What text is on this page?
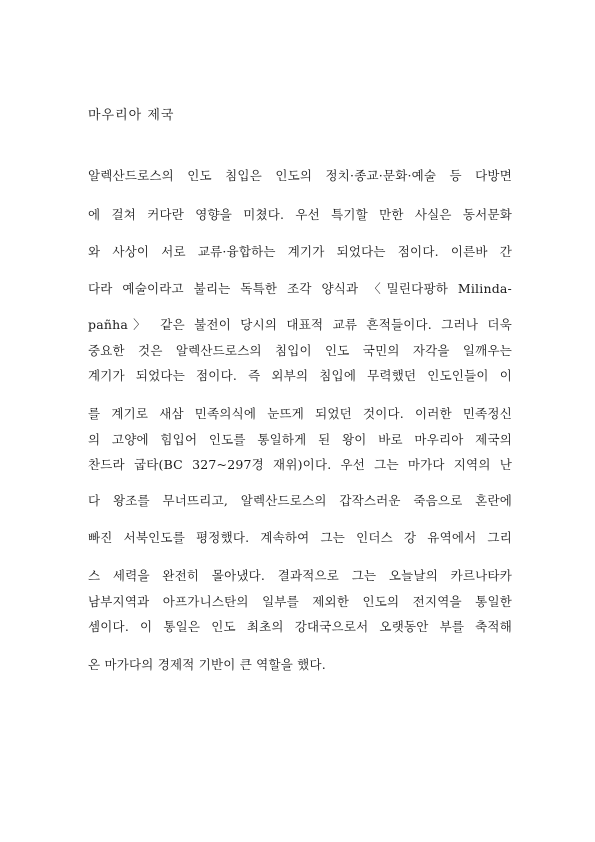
마우리아 제국
알렉산드로스의 인도 침입은 인도의 정치·종교·문화·예술 등 다방면
에 걸쳐 커다란 영향을 미쳤다. 우선 특기할 만한 사실은 동서문화
와 사상이 서로 교류·융합하는 계기가 되었다는 점이다. 이른바 간
다라 예술이라고 불리는 독특한 조각 양식과 〈밀린다팡하 Milinda-
pañha〉 같은 불전이 당시의 대표적 교류 흔적들이다. 그러나 더욱
중요한 것은 알렉산드로스의 침입이 인도 국민의 자각을 일깨우는
계기가 되었다는 점이다. 즉 외부의 침입에 무력했던 인도인들이 이
를 계기로 새삼 민족의식에 눈뜨게 되었던 것이다. 이러한 민족정신
의 고양에 힘입어 인도를 통일하게 된 왕이 바로 마우리아 제국의
찬드라 굽타(BC 327~297경 재위)이다. 우선 그는 마가다 지역의 난
다 왕조를 무너뜨리고, 알렉산드로스의 갑작스러운 죽음으로 혼란에
빠진 서북인도를 평정했다. 계속하여 그는 인더스 강 유역에서 그리
스 세력을 완전히 몰아냈다. 결과적으로 그는 오늘날의 카르나타카
남부지역과 아프가니스탄의 일부를 제외한 인도의 전지역을 통일한
셈이다. 이 통일은 인도 최초의 강대국으로서 오랫동안 부를 축적해
온 마가다의 경제적 기반이 큰 역할을 했다.
